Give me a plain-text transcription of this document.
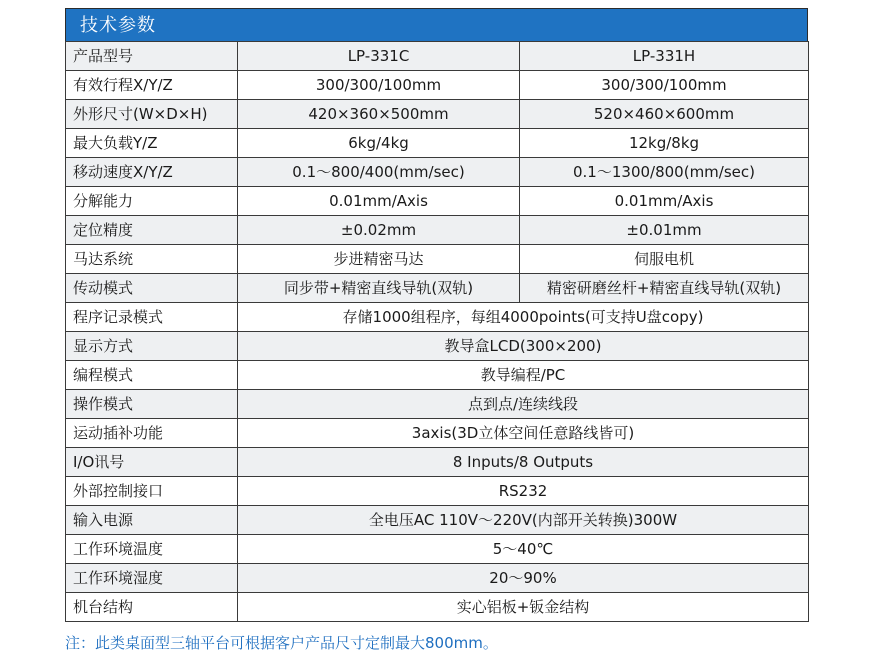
技术参数
产品型号	LP-331C	LP-331H
有效行程X/Y/Z	300/300/100mm	300/300/100mm
外形尺寸(W×D×H)	420×360×500mm	520×460×600mm
最大负载Y/Z	6kg/4kg	12kg/8kg
移动速度X/Y/Z	0.1～800/400(mm/sec)	0.1～1300/800(mm/sec)
分解能力	0.01mm/Axis	0.01mm/Axis
定位精度	±0.02mm	±0.01mm
马达系统	步进精密马达	伺服电机
传动模式	同步带+精密直线导轨(双轨)	精密研磨丝杆+精密直线导轨(双轨)
程序记录模式	存储1000组程序，每组4000points(可支持U盘copy)	
显示方式	教导盒LCD(300×200)	
编程模式	教导编程/PC	
操作模式	点到点/连续线段	
运动插补功能	3axis(3D立体空间任意路线皆可)	
I/O讯号	8 Inputs/8 Outputs	
外部控制接口	RS232	
输入电源	全电压AC 110V～220V(内部开关转换)300W	
工作环境温度	5～40℃	
工作环境湿度	20～90%	
机台结构	实心铝板+钣金结构	
注：此类桌面型三轴平台可根据客户产品尺寸定制最大800mm。
